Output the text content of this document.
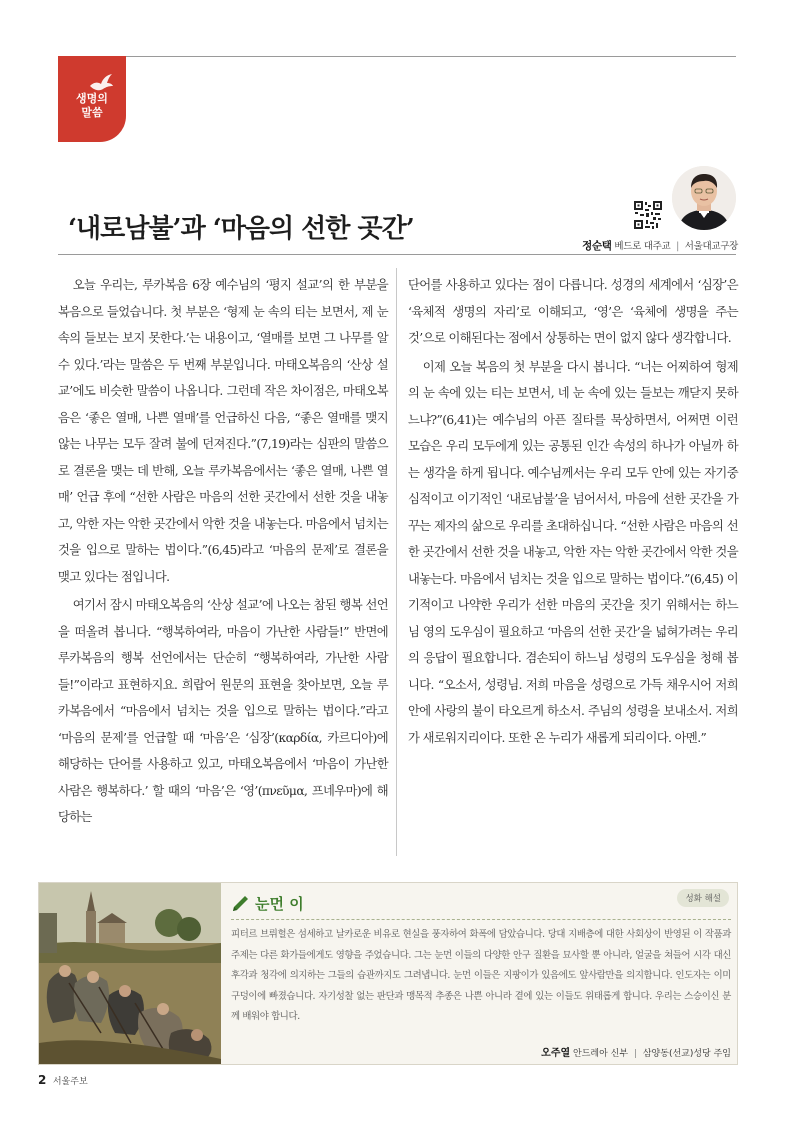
생명의
말씀
‘내로남불’과 ‘마음의 선한 곳간’
정순택 베드로 대주교 | 서울대교구장

오늘 우리는, 루카복음 6장 예수님의 ‘평지 설교’의 한 부분을 복음으로 들었습니다. 첫 부분은 ‘형제 눈 속의 티는 보면서, 제 눈 속의 들보는 보지 못한다.’는 내용이고, ‘열매를 보면 그 나무를 알 수 있다.’라는 말씀은 두 번째 부분입니다. 마태오복음의 ‘산상 설교’에도 비슷한 말씀이 나옵니다. 그런데 작은 차이점은, 마태오복음은 ‘좋은 열매, 나쁜 열매’를 언급하신 다음, “좋은 열매를 맺지 않는 나무는 모두 잘려 불에 던져진다.”(7,19)라는 심판의 말씀으로 결론을 맺는 데 반해, 오늘 루카복음에서는 ‘좋은 열매, 나쁜 열매’ 언급 후에 “선한 사람은 마음의 선한 곳간에서 선한 것을 내놓고, 악한 자는 악한 곳간에서 악한 것을 내놓는다. 마음에서 넘치는 것을 입으로 말하는 법이다.”(6,45)라고 ‘마음의 문제’로 결론을 맺고 있다는 점입니다.

여기서 잠시 마태오복음의 ‘산상 설교’에 나오는 참된 행복 선언을 떠올려 봅니다. “행복하여라, 마음이 가난한 사람들!” 반면에 루카복음의 행복 선언에서는 단순히 “행복하여라, 가난한 사람들!”이라고 표현하지요. 희랍어 원문의 표현을 찾아보면, 오늘 루카복음에서 “마음에서 넘치는 것을 입으로 말하는 법이다.”라고 ‘마음의 문제’를 언급할 때 ‘마음’은 ‘심장’(καρδία, 카르디아)에 해당하는 단어를 사용하고 있고, 마태오복음에서 ‘마음이 가난한 사람은 행복하다.’ 할 때의 ‘마음’은 ‘영’(πνεῦμα, 프네우마)에 해당하는

단어를 사용하고 있다는 점이 다릅니다. 성경의 세계에서 ‘심장’은 ‘육체적 생명의 자리’로 이해되고, ‘영’은 ‘육체에 생명을 주는 것’으로 이해된다는 점에서 상통하는 면이 없지 않다 생각합니다.

이제 오늘 복음의 첫 부분을 다시 봅니다. “너는 어찌하여 형제의 눈 속에 있는 티는 보면서, 네 눈 속에 있는 들보는 깨닫지 못하느냐?”(6,41)는 예수님의 아픈 질타를 묵상하면서, 어쩌면 이런 모습은 우리 모두에게 있는 공통된 인간 속성의 하나가 아닐까 하는 생각을 하게 됩니다. 예수님께서는 우리 모두 안에 있는 자기중심적이고 이기적인 ‘내로남불’을 넘어서서, 마음에 선한 곳간을 가꾸는 제자의 삶으로 우리를 초대하십니다. “선한 사람은 마음의 선한 곳간에서 선한 것을 내놓고, 악한 자는 악한 곳간에서 악한 것을 내놓는다. 마음에서 넘치는 것을 입으로 말하는 법이다.”(6,45) 이기적이고 나약한 우리가 선한 마음의 곳간을 짓기 위해서는 하느님 영의 도우심이 필요하고 ‘마음의 선한 곳간’을 넓혀가려는 우리의 응답이 필요합니다. 겸손되이 하느님 성령의 도우심을 청해 봅니다. “오소서, 성령님. 저희 마음을 성령으로 가득 채우시어 저희 안에 사랑의 불이 타오르게 하소서. 주님의 성령을 보내소서. 저희가 새로워지리이다. 또한 온 누리가 새롭게 되리이다. 아멘.”

성화 해설
눈먼 이
피터르 브뤼헐은 섬세하고 날카로운 비유로 현실을 풍자하여 화폭에 담았습니다. 당대 지배층에 대한 사회상이 반영된 이 작품과 주제는 다른 화가들에게도 영향을 주었습니다. 그는 눈먼 이들의 다양한 안구 질환을 묘사할 뿐 아니라, 얼굴을 쳐들어 시각 대신 후각과 청각에 의지하는 그들의 습관까지도 그려냅니다. 눈먼 이들은 지팡이가 있음에도 앞사람만을 의지합니다. 인도자는 이미 구덩이에 빠졌습니다. 자기성찰 없는 판단과 맹목적 추종은 나쁜 아니라 곁에 있는 이들도 위태롭게 합니다. 우리는 스승이신 분께 배워야 합니다.
오주열 안드레아 신부 | 삼양동(선교)성당 주임
2 서울주보
